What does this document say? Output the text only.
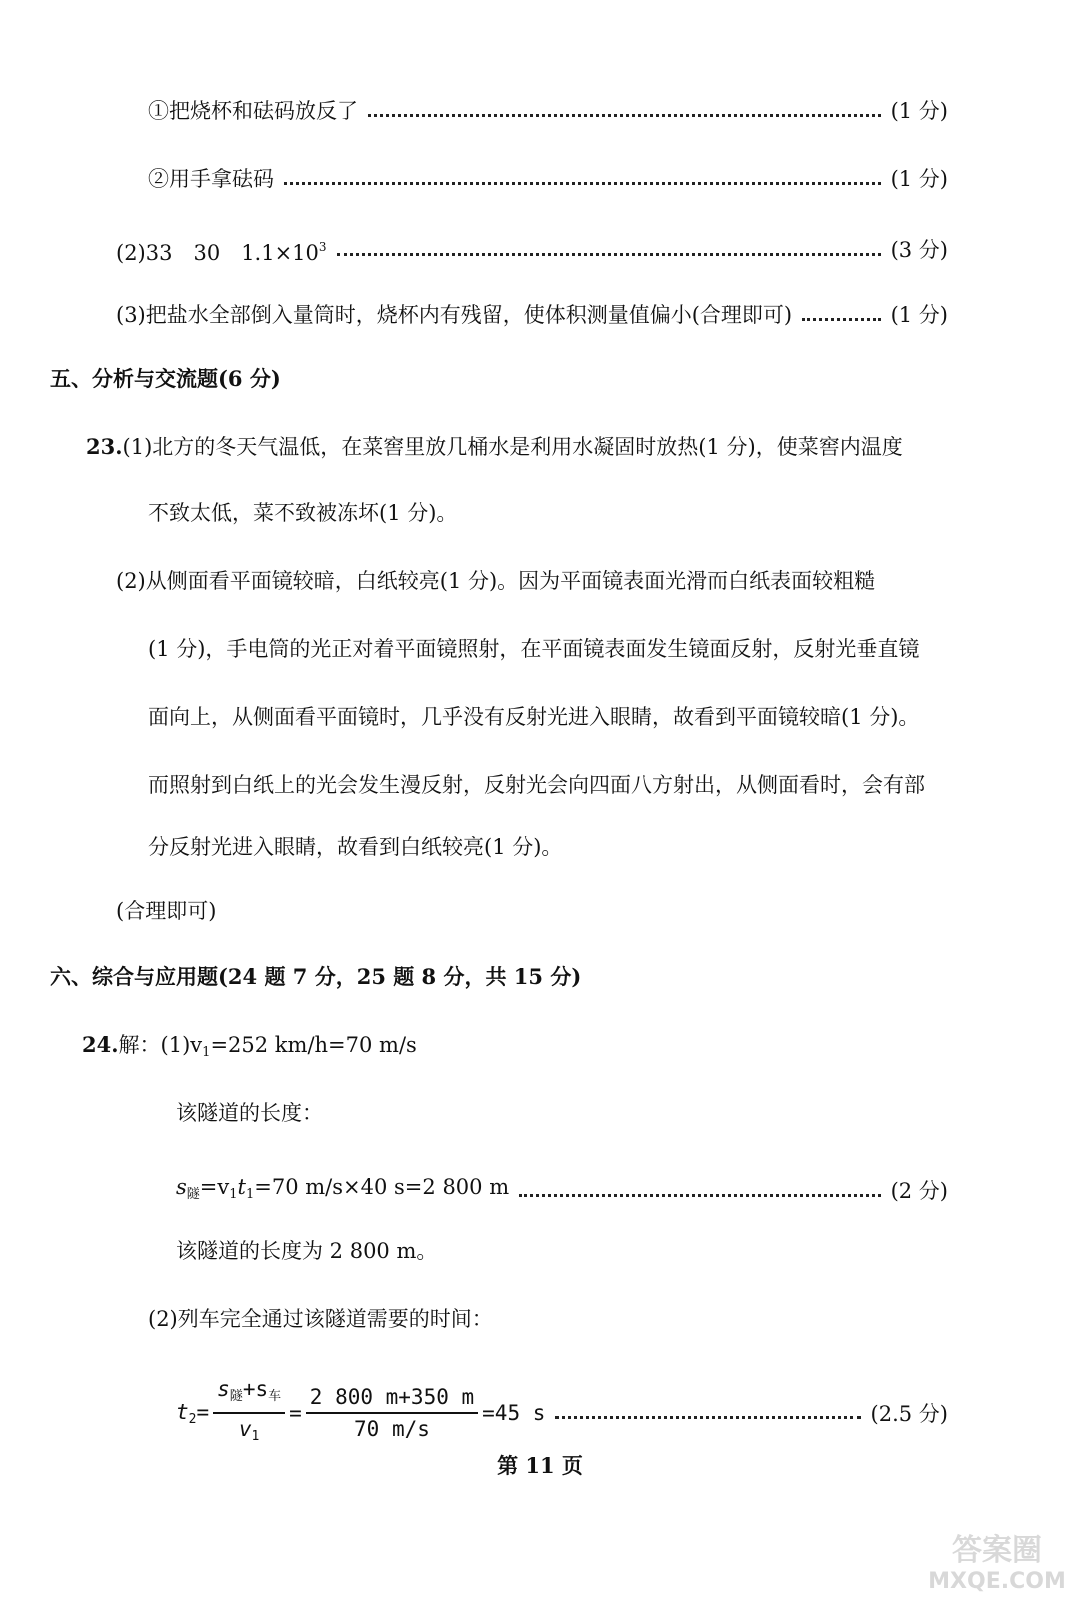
①把烧杯和砝码放反了	(1 分)
②用手拿砝码	(1 分)
(2)33　30　$1.1\times 10^3$	(3 分)
(3)把盐水全部倒入量筒时，烧杯内有残留，使体积测量值偏小(合理即可)	(1 分)
五、分析与交流题(6 分)
23.(1)北方的冬天气温低，在菜窖里放几桶水是利用水凝固时放热(1 分)，使菜窖内温度
不致太低，菜不致被冻坏(1 分)。
(2)从侧面看平面镜较暗，白纸较亮(1 分)。因为平面镜表面光滑而白纸表面较粗糙
(1 分)，手电筒的光正对着平面镜照射，在平面镜表面发生镜面反射，反射光垂直镜
面向上，从侧面看平面镜时，几乎没有反射光进入眼睛，故看到平面镜较暗(1 分)。
而照射到白纸上的光会发生漫反射，反射光会向四面八方射出，从侧面看时，会有部
分反射光进入眼睛，故看到白纸较亮(1 分)。
(合理即可)
六、综合与应用题(24 题 7 分，25 题 8 分，共 15 分)
24.解：$(1)v_1=252$ km/h=70 m/s
该隧道的长度：
$s_隧=v_1t_1=70$ m/s×40 s=2 800 m	(2 分)
该隧道的长度为 2 800 m。
(2)列车完全通过该隧道需要的时间：
$t_2= \frac{s_隧+s_车}{v_1} = \frac{2 800 m+350 m}{70 m/s} =45$ s	(2.5 分)
第 11 页
答案圈
MXQE.COM
